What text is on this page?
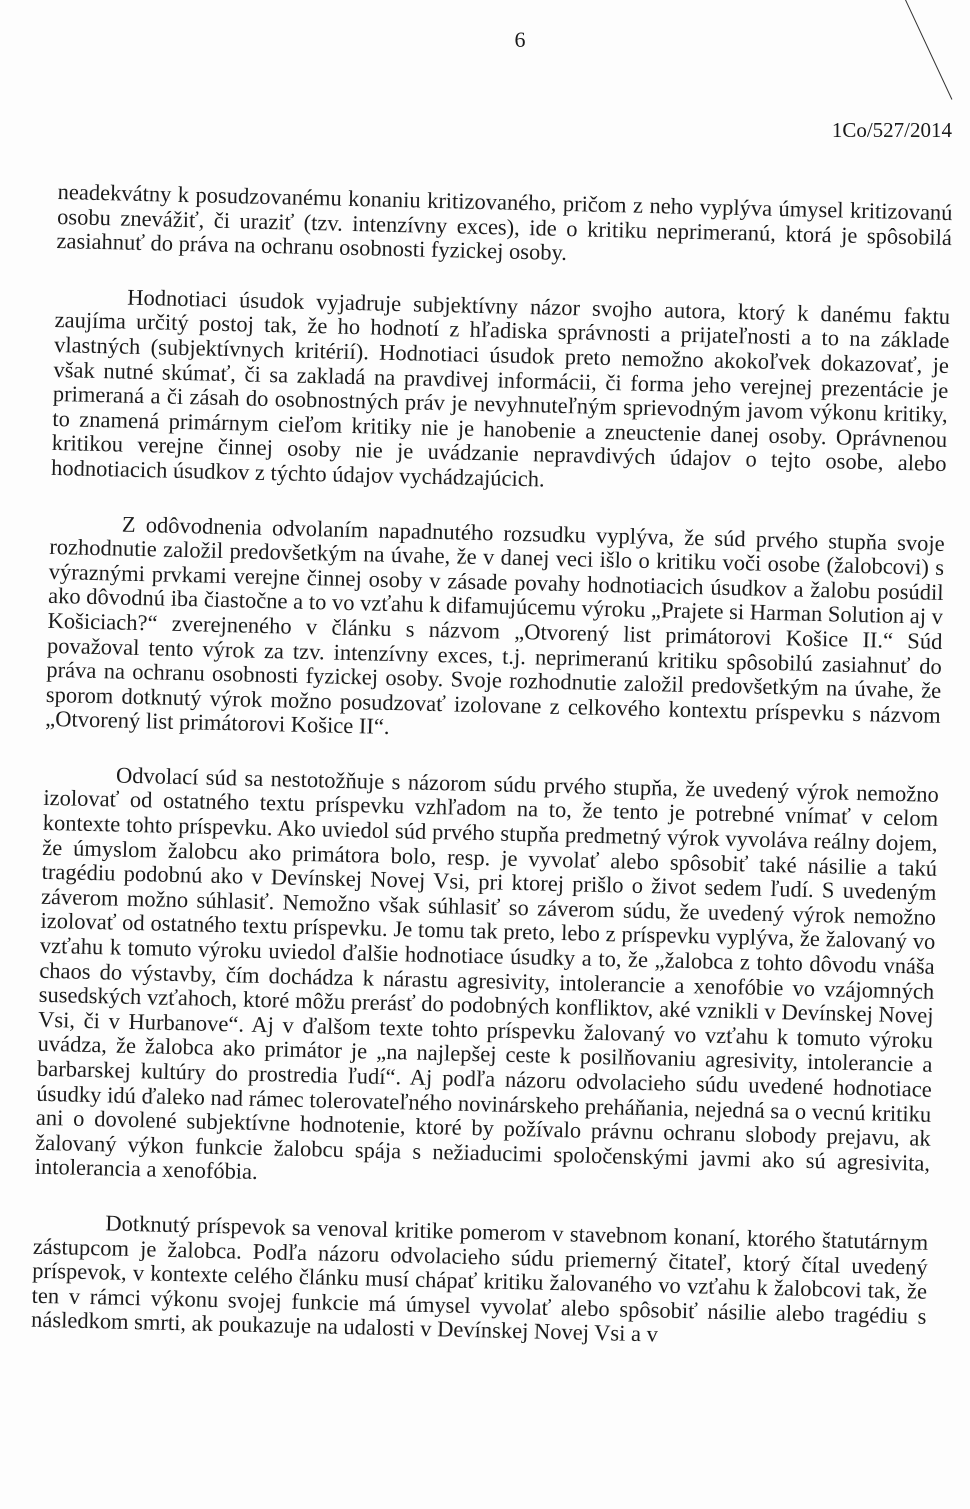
6
1Co/527/2014

neadekvátny k posudzovanému konaniu kritizovaného, pričom z neho vyplýva úmysel kritizovanú osobu znevážiť, či uraziť (tzv. intenzívny exces), ide o kritiku neprimeranú, ktorá je spôsobilá zasiahnuť do práva na ochranu osobnosti fyzickej osoby.

Hodnotiaci úsudok vyjadruje subjektívny názor svojho autora, ktorý k danému faktu zaujíma určitý postoj tak, že ho hodnotí z hľadiska správnosti a prijateľnosti a to na základe vlastných (subjektívnych kritérií). Hodnotiaci úsudok preto nemožno akokoľvek dokazovať, je však nutné skúmať, či sa zakladá na pravdivej informácii, či forma jeho verejnej prezentácie je primeraná a či zásah do osobnostných práv je nevyhnuteľným sprievodným javom výkonu kritiky, to znamená primárnym cieľom kritiky nie je hanobenie a zneuctenie danej osoby. Oprávnenou kritikou verejne činnej osoby nie je uvádzanie nepravdivých údajov o tejto osobe, alebo hodnotiacich úsudkov z týchto údajov vychádzajúcich.

Z odôvodnenia odvolaním napadnutého rozsudku vyplýva, že súd prvého stupňa svoje rozhodnutie založil predovšetkým na úvahe, že v danej veci išlo o kritiku voči osobe (žalobcovi) s výraznými prvkami verejne činnej osoby v zásade povahy hodnotiacich úsudkov a žalobu posúdil ako dôvodnú iba čiastočne a to vo vzťahu k difamujúcemu výroku „Prajete si Harman Solution aj v Košiciach?“ zverejneného v článku s názvom „Otvorený list primátorovi Košice II.“ Súd považoval tento výrok za tzv. intenzívny exces, t.j. neprimeranú kritiku spôsobilú zasiahnuť do práva na ochranu osobnosti fyzickej osoby. Svoje rozhodnutie založil predovšetkým na úvahe, že sporom dotknutý výrok možno posudzovať izolovane z celkového kontextu príspevku s názvom „Otvorený list primátorovi Košice II“.

Odvolací súd sa nestotožňuje s názorom súdu prvého stupňa, že uvedený výrok nemožno izolovať od ostatného textu príspevku vzhľadom na to, že tento je potrebné vnímať v celom kontexte tohto príspevku. Ako uviedol súd prvého stupňa predmetný výrok vyvoláva reálny dojem, že úmyslom žalobcu ako primátora bolo, resp. je vyvolať alebo spôsobiť také násilie a takú tragédiu podobnú ako v Devínskej Novej Vsi, pri ktorej prišlo o život sedem ľudí. S uvedeným záverom možno súhlasiť. Nemožno však súhlasiť so záverom súdu, že uvedený výrok nemožno izolovať od ostatného textu príspevku. Je tomu tak preto, lebo z príspevku vyplýva, že žalovaný vo vzťahu k tomuto výroku uviedol ďalšie hodnotiace úsudky a to, že „žalobca z tohto dôvodu vnáša chaos do výstavby, čím dochádza k nárastu agresivity, intolerancie a xenofóbie vo vzájomných susedských vzťahoch, ktoré môžu prerásť do podobných konfliktov, aké vznikli v Devínskej Novej Vsi, či v Hurbanove“. Aj v ďalšom texte tohto príspevku žalovaný vo vzťahu k tomuto výroku uvádza, že žalobca ako primátor je „na najlepšej ceste k posilňovaniu agresivity, intolerancie a barbarskej kultúry do prostredia ľudí“. Aj podľa názoru odvolacieho súdu uvedené hodnotiace úsudky idú ďaleko nad rámec tolerovateľného novinárskeho preháňania, nejedná sa o vecnú kritiku ani o dovolené subjektívne hodnotenie, ktoré by požívalo právnu ochranu slobody prejavu, ak žalovaný výkon funkcie žalobcu spája s nežiaducimi spoločenskými javmi ako sú agresivita, intolerancia a xenofóbia.

Dotknutý príspevok sa venoval kritike pomerom v stavebnom konaní, ktorého štatutárnym zástupcom je žalobca. Podľa názoru odvolacieho súdu priemerný čitateľ, ktorý čítal uvedený príspevok, v kontexte celého článku musí chápať kritiku žalovaného vo vzťahu k žalobcovi tak, že ten v rámci výkonu svojej funkcie má úmysel vyvolať alebo spôsobiť násilie alebo tragédiu s následkom smrti, ak poukazuje na udalosti v Devínskej Novej Vsi a v
